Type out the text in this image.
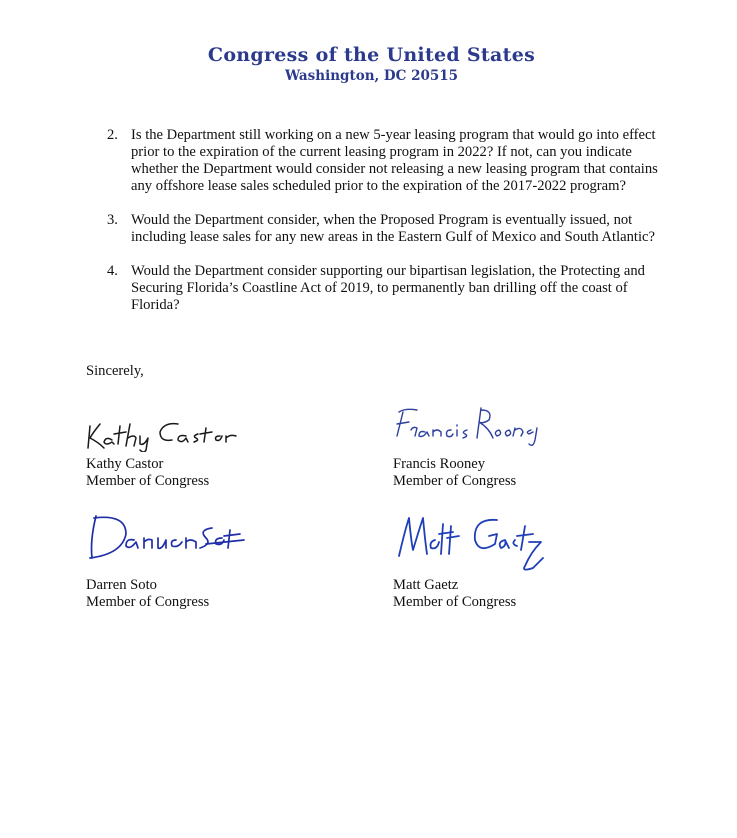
Congress of the United States
Washington, DC 20515
2. Is the Department still working on a new 5-year leasing program that would go into effect prior to the expiration of the current leasing program in 2022? If not, can you indicate whether the Department would consider not releasing a new leasing program that contains any offshore lease sales scheduled prior to the expiration of the 2017-2022 program?
3. Would the Department consider, when the Proposed Program is eventually issued, not including lease sales for any new areas in the Eastern Gulf of Mexico and South Atlantic?
4. Would the Department consider supporting our bipartisan legislation, the Protecting and Securing Florida’s Coastline Act of 2019, to permanently ban drilling off the coast of Florida?
Sincerely,
Kathy Castor
Member of Congress
Francis Rooney
Member of Congress
Darren Soto
Member of Congress
Matt Gaetz
Member of Congress
